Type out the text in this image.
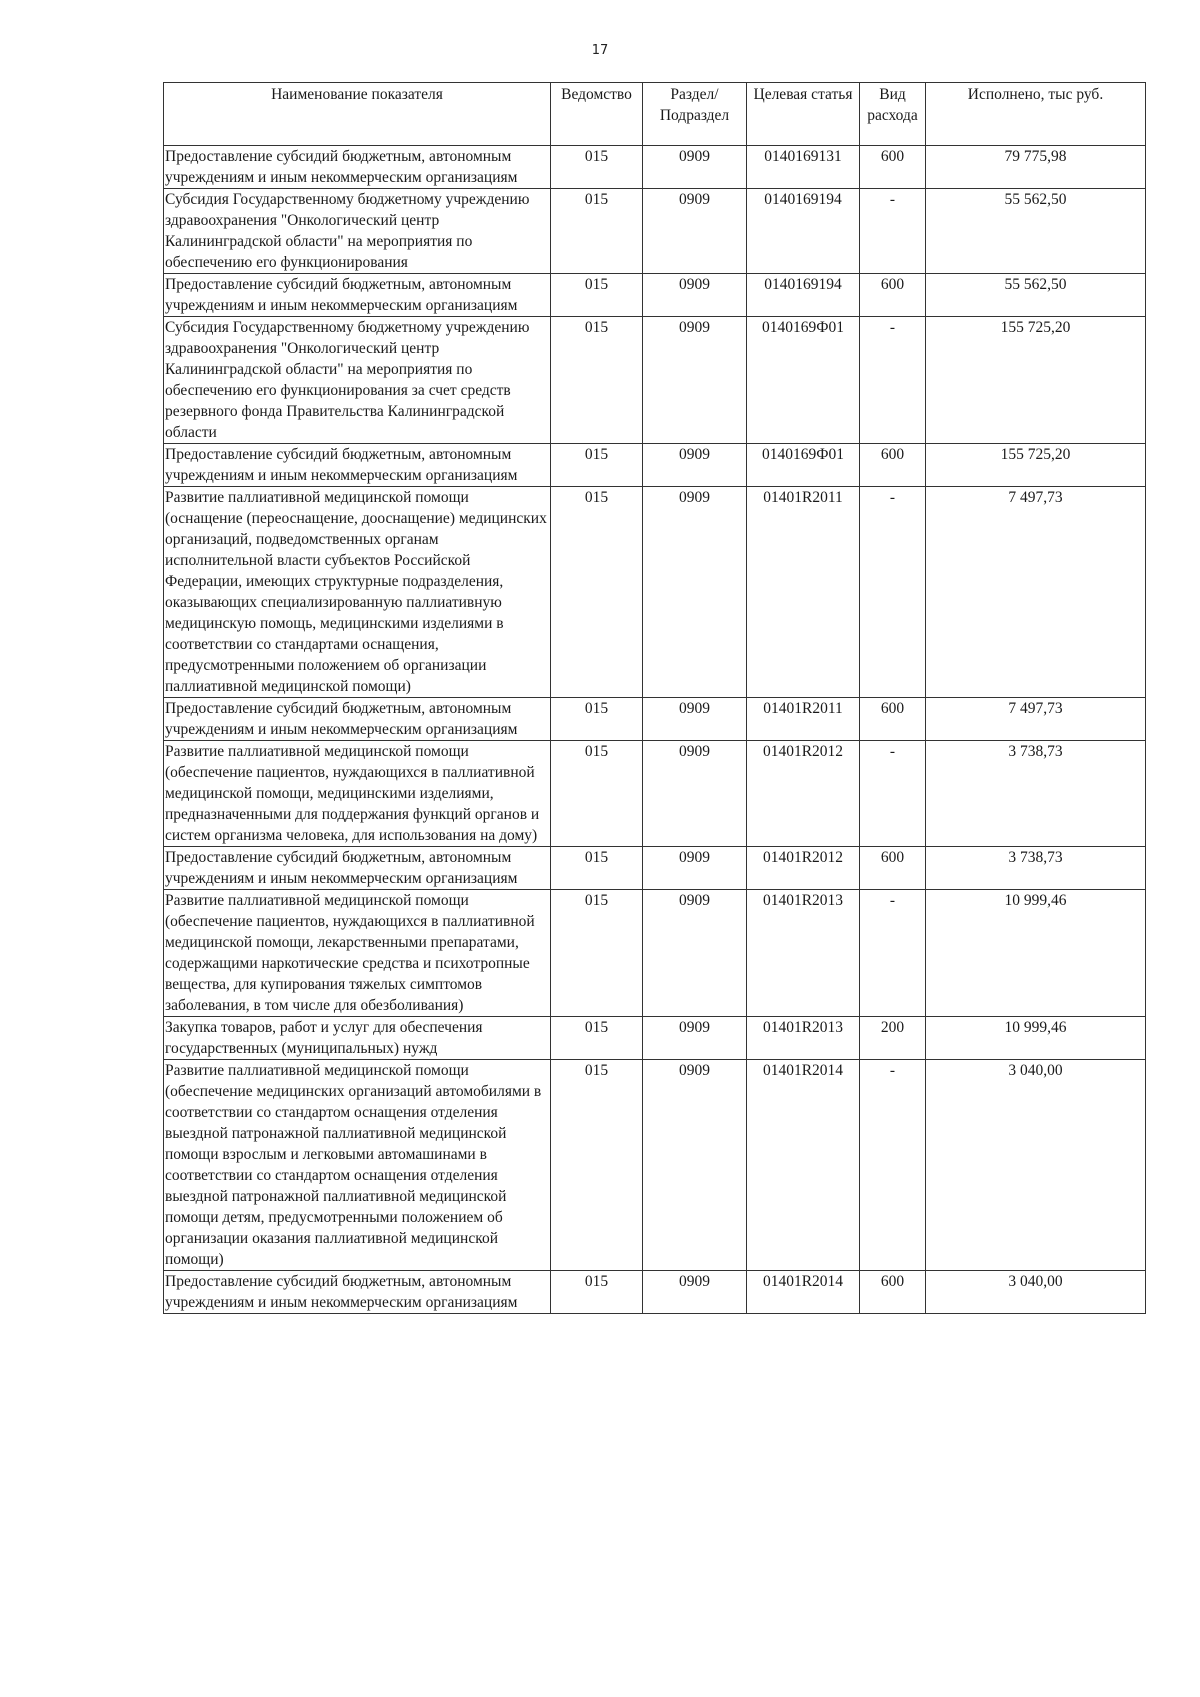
17
Наименование показателя	Ведомство	Раздел/ Подраздел	Целевая статья	Вид расхода	Исполнено, тыс руб.
Предоставление субсидий бюджетным, автономным учреждениям и иным некоммерческим организациям	015	0909	0140169131	600	79 775,98
Субсидия Государственному бюджетному учреждению здравоохранения "Онкологический центр Калининградской области" на мероприятия по обеспечению его функционирования	015	0909	0140169194	-	55 562,50
Предоставление субсидий бюджетным, автономным учреждениям и иным некоммерческим организациям	015	0909	0140169194	600	55 562,50
Субсидия Государственному бюджетному учреждению здравоохранения "Онкологический центр Калининградской области" на мероприятия по обеспечению его функционирования за счет средств резервного фонда Правительства Калининградской области	015	0909	0140169Ф01	-	155 725,20
Предоставление субсидий бюджетным, автономным учреждениям и иным некоммерческим организациям	015	0909	0140169Ф01	600	155 725,20
Развитие паллиативной медицинской помощи (оснащение (переоснащение, дооснащение) медицинских организаций, подведомственных органам исполнительной власти субъектов Российской Федерации, имеющих структурные подразделения, оказывающих специализированную паллиативную медицинскую помощь, медицинскими изделиями в соответствии со стандартами оснащения, предусмотренными положением об организации паллиативной медицинской помощи)	015	0909	01401R2011	-	7 497,73
Предоставление субсидий бюджетным, автономным учреждениям и иным некоммерческим организациям	015	0909	01401R2011	600	7 497,73
Развитие паллиативной медицинской помощи (обеспечение пациентов, нуждающихся в паллиативной медицинской помощи, медицинскими изделиями, предназначенными для поддержания функций органов и систем организма человека, для использования на дому)	015	0909	01401R2012	-	3 738,73
Предоставление субсидий бюджетным, автономным учреждениям и иным некоммерческим организациям	015	0909	01401R2012	600	3 738,73
Развитие паллиативной медицинской помощи (обеспечение пациентов, нуждающихся в паллиативной медицинской помощи, лекарственными препаратами, содержащими наркотические средства и психотропные вещества, для купирования тяжелых симптомов заболевания, в том числе для обезболивания)	015	0909	01401R2013	-	10 999,46
Закупка товаров, работ и услуг для обеспечения государственных (муниципальных) нужд	015	0909	01401R2013	200	10 999,46
Развитие паллиативной медицинской помощи (обеспечение медицинских организаций автомобилями в соответствии со стандартом оснащения отделения выездной патронажной паллиативной медицинской помощи взрослым и легковыми автомашинами в соответствии со стандартом оснащения отделения выездной патронажной паллиативной медицинской помощи детям, предусмотренными положением об организации оказания паллиативной медицинской помощи)	015	0909	01401R2014	-	3 040,00
Предоставление субсидий бюджетным, автономным учреждениям и иным некоммерческим организациям	015	0909	01401R2014	600	3 040,00
